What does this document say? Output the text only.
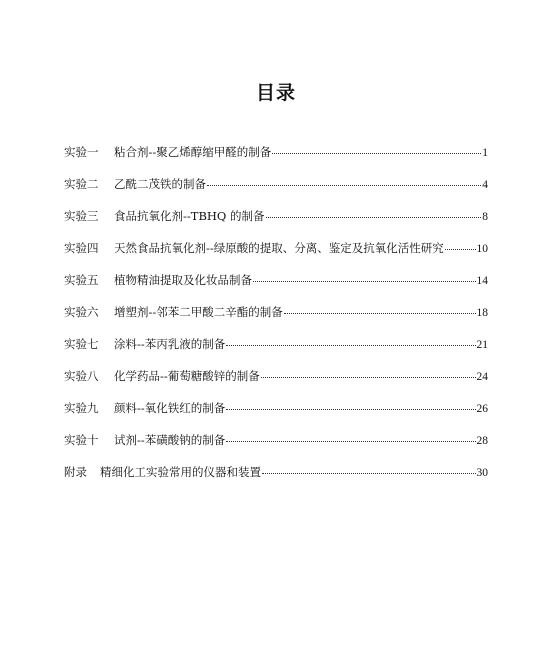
目录
实验一	粘合剂--聚乙烯醇缩甲醛的制备	1
实验二	乙酰二茂铁的制备	4
实验三	食品抗氧化剂--TBHQ 的制备	8
实验四	天然食品抗氧化剂--绿原酸的提取、分离、鉴定及抗氧化活性研究	10
实验五	植物精油提取及化妆品制备	14
实验六	增塑剂--邻苯二甲酸二辛酯的制备	18
实验七	涂料--苯丙乳液的制备	21
实验八	化学药品--葡萄糖酸锌的制备	24
实验九	颜料--氧化铁红的制备	26
实验十	试剂--苯磺酸钠的制备	28
附录	精细化工实验常用的仪器和装置	30
